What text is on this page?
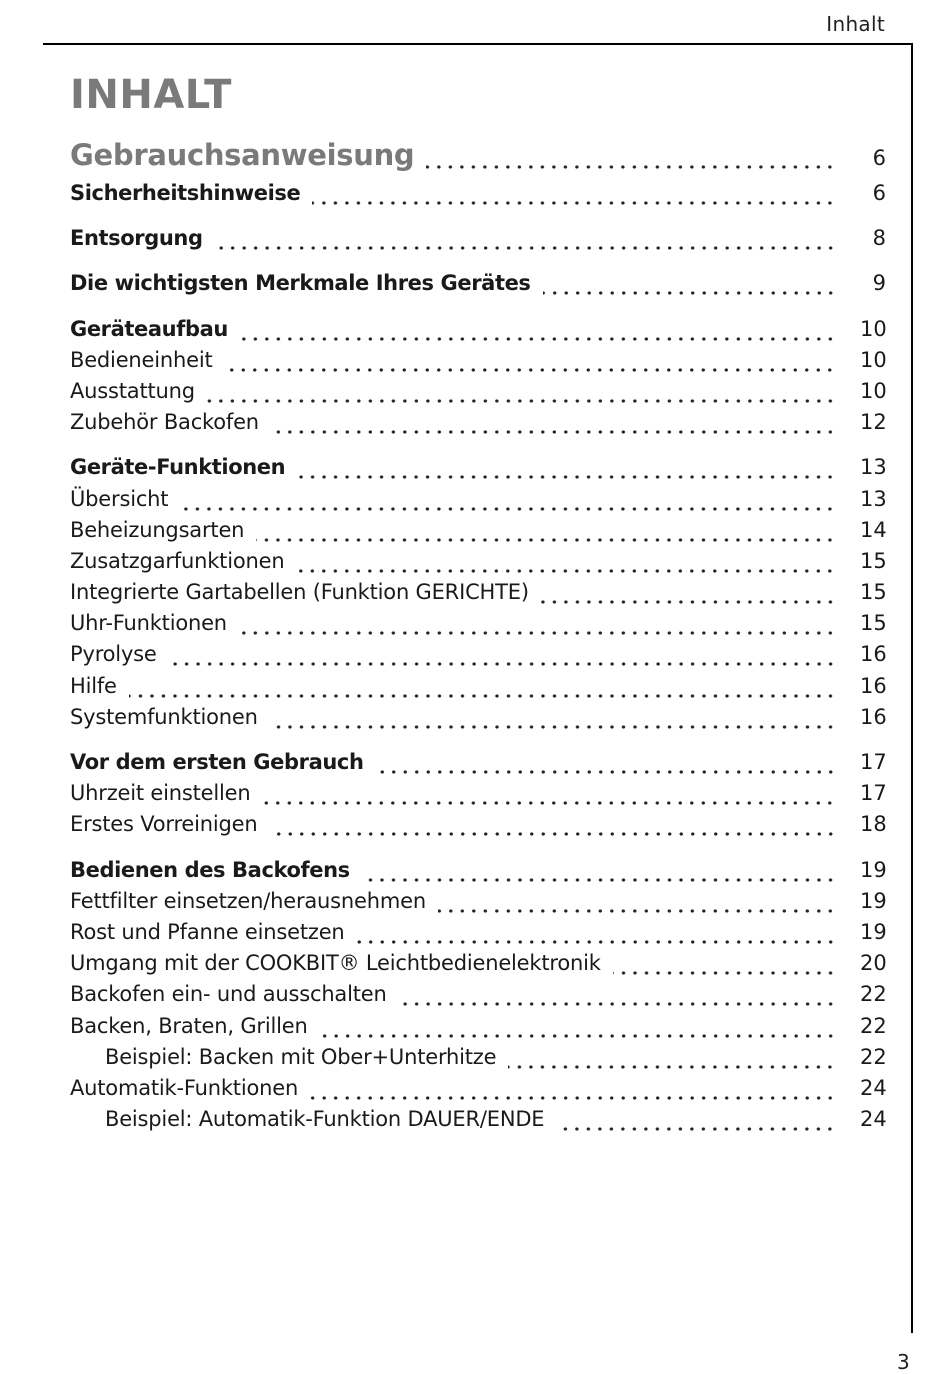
Inhalt
INHALT
Gebrauchsanweisung	6
Sicherheitshinweise	6
Entsorgung	8
Die wichtigsten Merkmale Ihres Gerätes	9
Geräteaufbau	10
Bedieneinheit	10
Ausstattung	10
Zubehör Backofen	12
Geräte-Funktionen	13
Übersicht	13
Beheizungsarten	14
Zusatzgarfunktionen	15
Integrierte Gartabellen (Funktion GERICHTE)	15
Uhr-Funktionen	15
Pyrolyse	16
Hilfe	16
Systemfunktionen	16
Vor dem ersten Gebrauch	17
Uhrzeit einstellen	17
Erstes Vorreinigen	18
Bedienen des Backofens	19
Fettfilter einsetzen/herausnehmen	19
Rost und Pfanne einsetzen	19
Umgang mit der COOKBIT® Leichtbedienelektronik	20
Backofen ein- und ausschalten	22
Backen, Braten, Grillen	22
Beispiel: Backen mit Ober+Unterhitze	22
Automatik-Funktionen	24
Beispiel: Automatik-Funktion DAUER/ENDE	24
3
